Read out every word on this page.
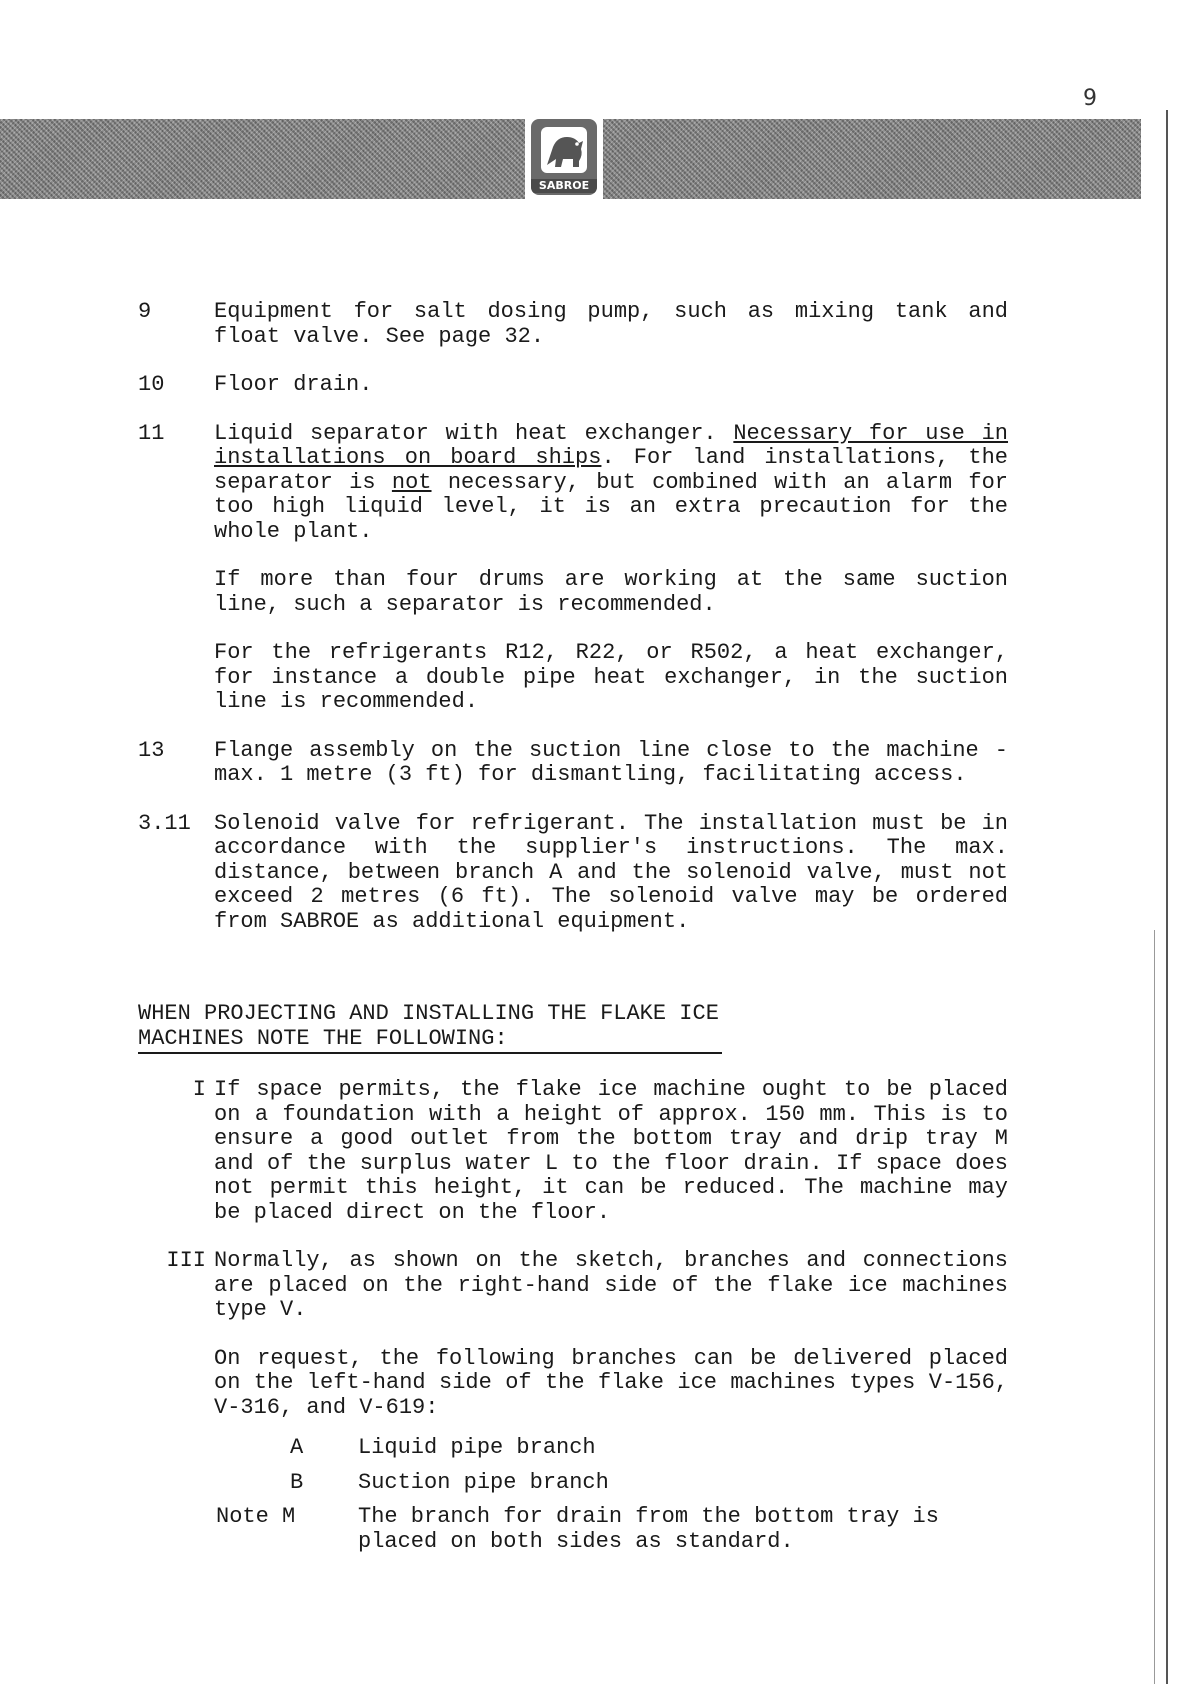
9
SABROE
9	Equipment for salt dosing pump, such as mixing tank and float valve. See page 32.

10	Floor drain.

11	Liquid separator with heat exchanger. Necessary for use in installations on board ships. For land installations, the separator is not necessary, but combined with an alarm for too high liquid level, it is an extra precaution for the whole plant.

If more than four drums are working at the same suction line, such a separator is recommended.

For the refrigerants R12, R22, or R502, a heat exchanger, for instance a double pipe heat exchanger, in the suction line is recommended.

13	Flange assembly on the suction line close to the machine - max. 1 metre (3 ft) for dismantling, facilitating access.

3.11	Solenoid valve for refrigerant. The installation must be in accordance with the supplier's instructions. The max. distance, between branch A and the solenoid valve, must not exceed 2 metres (6 ft). The solenoid valve may be ordered from SABROE as additional equipment.

WHEN PROJECTING AND INSTALLING THE FLAKE ICE MACHINES NOTE THE FOLLOWING:
I If space permits, the flake ice machine ought to be placed on a foundation with a height of approx. 150 mm. This is to ensure a good outlet from the bottom tray and drip tray M and of the surplus water L to the floor drain. If space does not permit this height, it can be reduced. The machine may be placed direct on the floor.

III Normally, as shown on the sketch, branches and connections are placed on the right-hand side of the flake ice machines type V.

On request, the following branches can be delivered placed on the left-hand side of the flake ice machines types V-156, V-316, and V-619:

A	Liquid pipe branch
B	Suction pipe branch
Note M	The branch for drain from the bottom tray is placed on both sides as standard.
